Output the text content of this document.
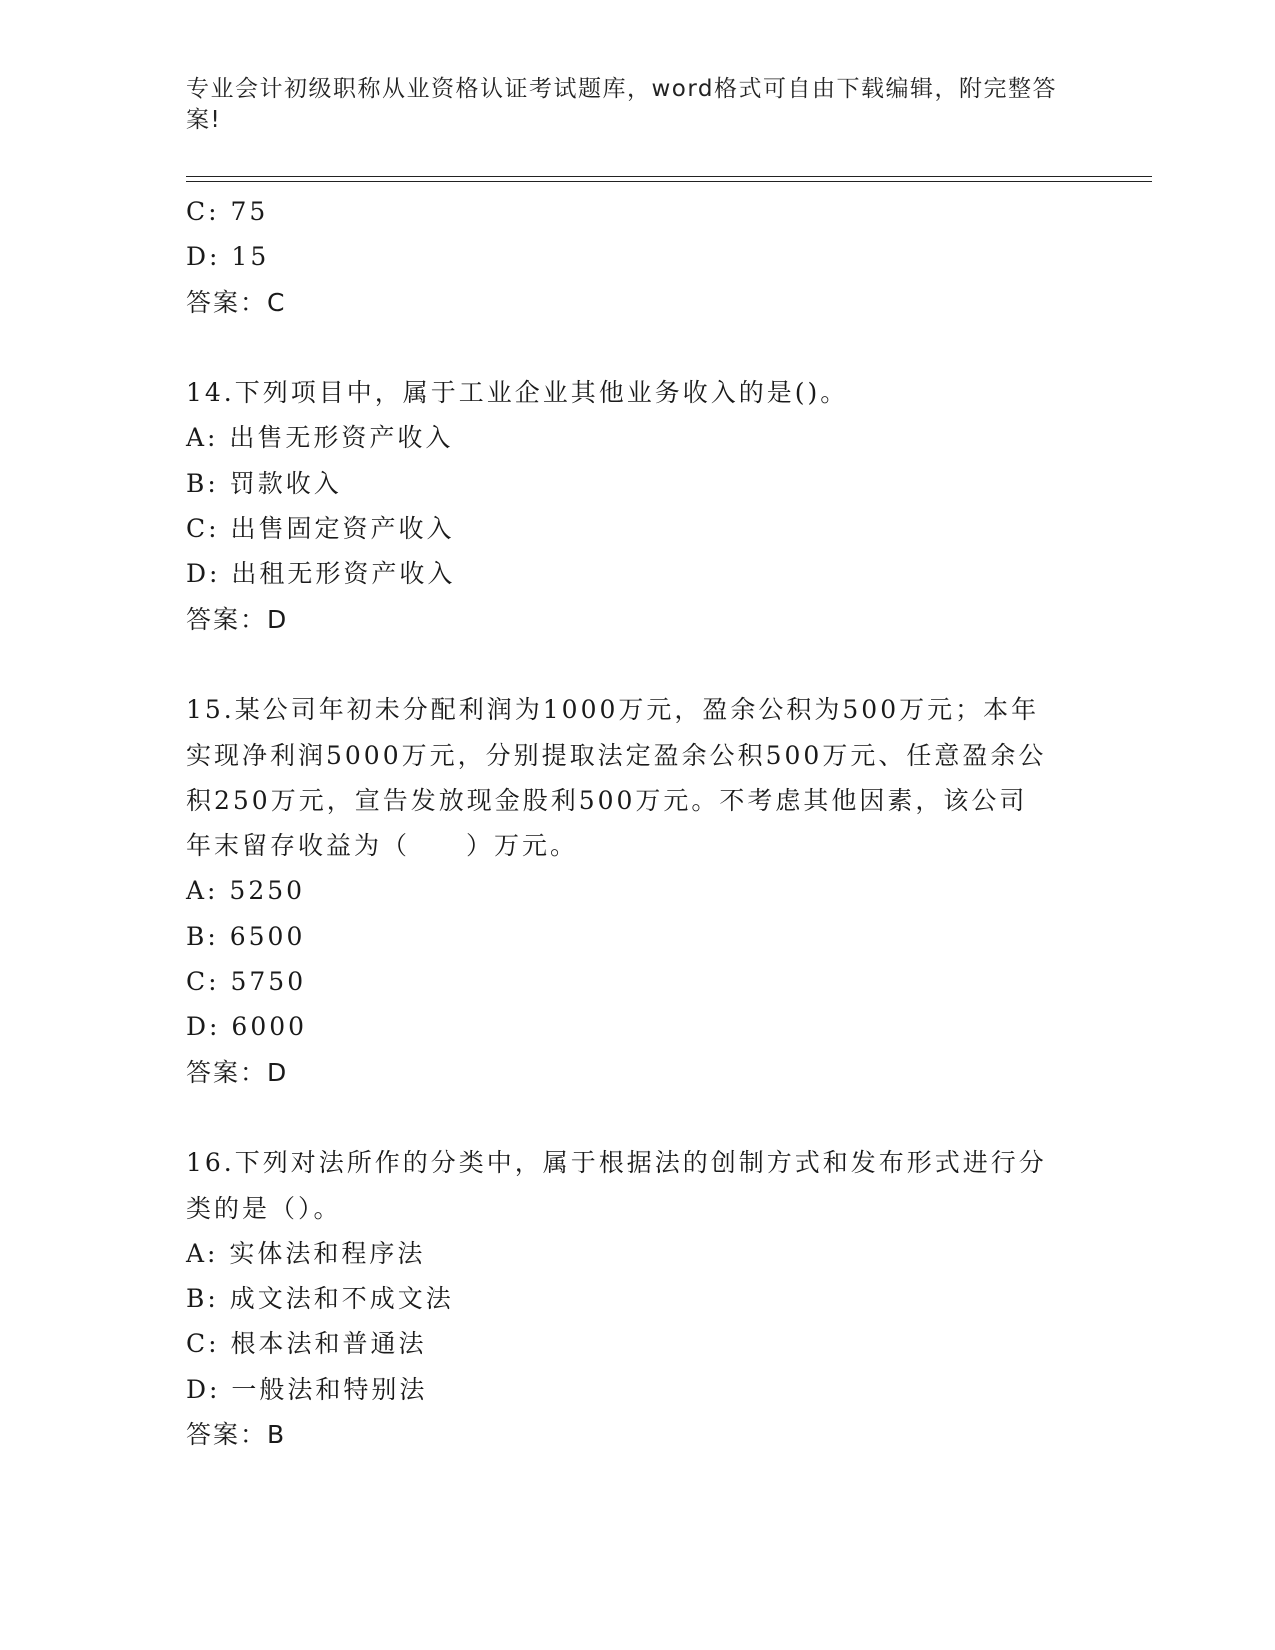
专业会计初级职称从业资格认证考试题库，word格式可自由下载编辑，附完整答
案!
C: 75
D: 15
答案：C
14.下列项目中，属于工业企业其他业务收入的是()。
A: 出售无形资产收入
B: 罚款收入
C: 出售固定资产收入
D: 出租无形资产收入
答案：D
15.某公司年初未分配利润为1000万元，盈余公积为500万元；本年
实现净利润5000万元，分别提取法定盈余公积500万元、任意盈余公
积250万元，宣告发放现金股利500万元。不考虑其他因素，该公司
年末留存收益为（　　）万元。
A: 5250
B: 6500
C: 5750
D: 6000
答案：D
16.下列对法所作的分类中，属于根据法的创制方式和发布形式进行分
类的是（）。
A: 实体法和程序法
B: 成文法和不成文法
C: 根本法和普通法
D: 一般法和特别法
答案：B
